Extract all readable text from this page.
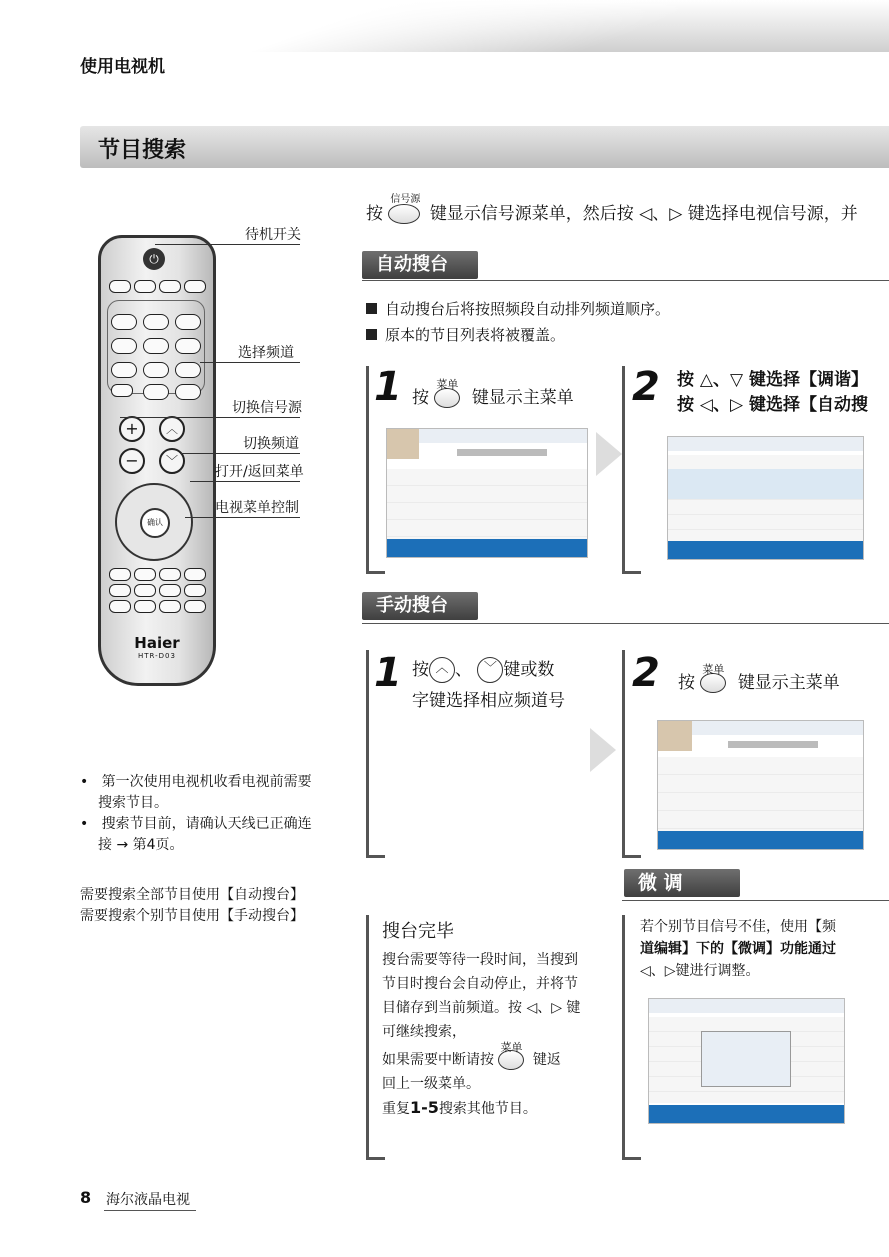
使用电视机
节目搜索
按
信号源
键显示信号源菜单，然后按 ◁、▷ 键选择电视信号源，并
⏻
+
−
︿
﹀
确认
Haier
HTR-D03
待机开关
选择频道
切换信号源
切换频道
打开/返回菜单
电视菜单控制
•   第一次使用电视机收看电视前需要搜索节目。
•   搜索节目前，请确认天线已正确连接 → 第4页。
需要搜索全部节目使用【自动搜台】
需要搜索个别节目使用【手动搜台】
自动搜台
自动搜台后将按照频段自动排列频道顺序。
原本的节目列表将被覆盖。
1 按
菜单
键显示主菜单 2 按 △、▽ 键选择【调谐】
按 ◁、▷ 键选择【自动搜
手动搜台
1 按 ︿ 、 ﹀ 键或数
字键选择相应频道号
2 按
菜单
键显示主菜单
搜台完毕
搜台需要等待一段时间，当搜到节目时搜台会自动停止，并将节目储存到当前频道。按 ◁、▷ 键可继续搜索，
如果需要中断请按
菜单
键返
回上一级菜单。
重复1-5搜索其他节目。
微 调
若个别节目信号不佳，使用【频
道编辑】下的【微调】功能通过
◁、▷键进行调整。
8 海尔液晶电视
